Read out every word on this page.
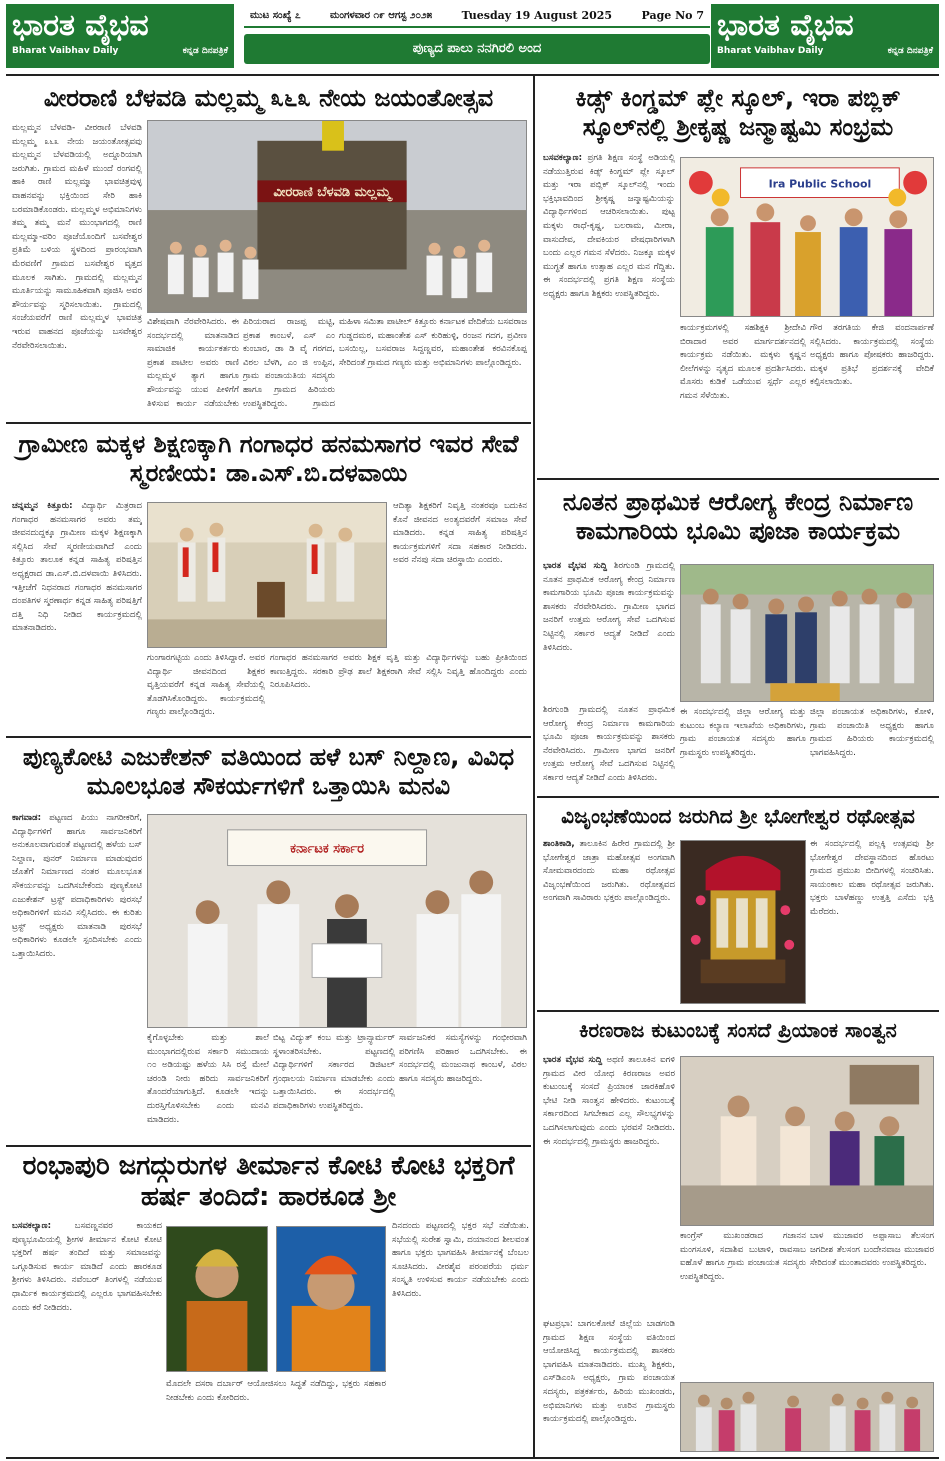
ಭಾರತ ವೈಭವ
Bharat Vaibhav Daily	ಕನ್ನಡ ದಿನಪತ್ರಿಕೆ
ಮುಟ ಸಂಖ್ಯೆ ೭	ಮಂಗಳವಾರ ೧೯ ಆಗಸ್ಟ ೨೦೨೫	Tuesday 19 August 2025	Page No 7
ಪುಣ್ಯದ ಪಾಲು ನನಗಿರಲಿ ಅಂದ
ಭಾರತ ವೈಭವ
Bharat Vaibhav Daily	ಕನ್ನಡ ದಿನಪತ್ರಿಕೆ
ವೀರರಾಣಿ ಬೆಳವಡಿ ಮಲ್ಲಮ್ಮ ೩೬೩ ನೇಯ ಜಯಂತೋತ್ಸವ
ಮಲ್ಲಮ್ಮನ ಬೆಳವಡಿ- ವೀರರಾಣಿ ಬೆಳವಡಿ ಮಲ್ಲಮ್ಮ ೩೬೩ ನೇಯ ಜಯಂತೋತ್ಸವವು ಮಲ್ಲಮ್ಮನ ಬೆಳವಡಿಯಲ್ಲಿ ಅದ್ದೂರಿಯಾಗಿ ಜರುಗಿತು. ಗ್ರಾಮದ ಮಹಿಳೆ ಮುಂದೆ ರಂಗವಲ್ಲಿ ಹಾಕಿ ರಾಣಿ ಮಲ್ಲಮ್ಮಾ ಭಾವಚಿತ್ರವುಳ್ಳ ವಾಹನವನ್ನು ಭಕ್ತಿಯಿಂದ ಸೇರಿ ಹಾಕಿ ಬರಮಾಡಿಕೊಂಡರು. ಮಲ್ಲಮ್ಮಳ ಅಭಿಮಾನಿಗಳು ತಮ್ಮ ತಮ್ಮ ಮನೆ ಮುಂಭಾಗದಲ್ಲಿ ರಾಣಿ ಮಲ್ಲಮ್ಮಾ-ವರಿಂ ಪೂಜೆಯೊಂದಿಗೆ ಬಸವೇಶ್ವರ ಪ್ರತಿಮೆ ಬಳಿಯ ಸ್ಥಳದಿಂದ ಪ್ರಾರಂಭವಾಗಿ ಮೆರವಣಿಗೆ ಗ್ರಾಮದ ಬಸವೇಶ್ವರ ವೃತ್ತದ ಮೂಲಕ ಸಾಗಿತು. ಗ್ರಾಮದಲ್ಲಿ ಮಲ್ಲಮ್ಮನ ಮೂರ್ತಿಯನ್ನು ಸಾಮೂಹಿಕವಾಗಿ ಪೂಜಿಸಿ ಅವರ ಶೌರ್ಯವನ್ನು ಸ್ಮರಿಸಲಾಯಿತು. ಗ್ರಾಮದಲ್ಲಿ ಸಂಜೆಯವರೆಗೆ ರಾಣಿ ಮಲ್ಲಮ್ಮಳ ಭಾವಚಿತ್ರ ಇರುವ ವಾಹನದ ಪೂಜೆಯನ್ನು ಬಸವೇಶ್ವರ ನೆರವೇರಿಸಲಾಯಿತು.
ವೀರರಾಣಿ ಬೆಳವಡಿ ಮಲ್ಲಮ್ಮ
ವಿಶೇಷವಾಗಿ ನೆರವೇರಿಸಿದರು. ಈ ಸಂದರ್ಭದಲ್ಲಿ ಮಾತನಾಡಿದ ಸಾಮಾಜಿಕ ಕಾರ್ಯಕರ್ತರು ಪ್ರಕಾಶ ಪಾಟೀಲ ಅವರು ರಾಣಿ ಮಲ್ಲಮ್ಮಳ ತ್ಯಾಗ ಹಾಗೂ ಶೌರ್ಯವನ್ನು ಯುವ ಪೀಳಿಗೆಗೆ ತಿಳಿಸುವ ಕಾರ್ಯ ನಡೆಯಬೇಕು
ಪಿರಿಯರಾದ ರಾಜಪ್ಪ ಮಟ್ಟಿ, ಪ್ರಕಾಶ ಕಾಂಬಳೆ, ಎಸ್ ಎಂ ಕುಂಬಾರ, ಡಾ ಡಿ ವೈ ಗರಗದ, ವಿಠಲ ಬೆಳಗಿ, ಎಂ ಜಿ ಉಪ್ಪಿನ, ಗ್ರಾಮ ಪಂಚಾಯತಿಯ ಸದಸ್ಯರು ಹಾಗೂ ಗ್ರಾಮದ ಹಿರಿಯರು ಉಪಸ್ಥಿತರಿದ್ದರು. ಗ್ರಾಮದ
ಮಹಿಳಾ ಸಮಿತಾ ಪಾಟೀಲ್ ಕಿತ್ತೂರು ಕರ್ನಾಟಕ ವೇದಿಕೆಯ ಬಸವರಾಜ ಗುಡ್ಡದಮಠ, ಮಹಾಂತೇಶ ಎಸ್ ಕುರಿಹುಳ್ಳಿ, ರಂಜನ ಗದಗ, ಪ್ರವೀಣ ಬಸಯಿಲ್ಲ, ಬಸವರಾಜ ಸಿದ್ದಣ್ಣವರ, ಮಹಾಂತೇಶ ಕರವಿನಕೊಪ್ಪ ಸೇರಿದಂತೆ ಗ್ರಾಮದ ಗಣ್ಯರು ಮತ್ತು ಅಭಿಮಾನಿಗಳು ಪಾಲ್ಗೊಂಡಿದ್ದರು.
ಗ್ರಾಮೀಣ ಮಕ್ಕಳ ಶಿಕ್ಷಣಕ್ಕಾಗಿ ಗಂಗಾಧರ ಹನಮಸಾಗರ ಇವರ ಸೇವೆ ಸ್ಮರಣೀಯ: ಡಾ.ಎಸ್.ಬಿ.ದಳವಾಯಿ
ಚನ್ನಮ್ಮನ ಕಿತ್ತೂರು: ವಿದ್ಯಾರ್ಥಿ ಮಿತ್ರರಾದ ಗಂಗಾಧರ ಹನಮಸಾಗರ ಅವರು ತಮ್ಮ ಜೀವನದುದ್ದಕ್ಕೂ ಗ್ರಾಮೀಣ ಮಕ್ಕಳ ಶಿಕ್ಷಣಕ್ಕಾಗಿ ಸಲ್ಲಿಸಿದ ಸೇವೆ ಸ್ಮರಣೀಯವಾಗಿದೆ ಎಂದು ಕಿತ್ತೂರು ತಾಲೂಕ ಕನ್ನಡ ಸಾಹಿತ್ಯ ಪರಿಷತ್ತಿನ ಅಧ್ಯಕ್ಷರಾದ ಡಾ.ಎಸ್.ಬಿ.ದಳವಾಯಿ ತಿಳಿಸಿದರು. ಇತ್ತೀಚೆಗೆ ನಿಧನರಾದ ಗಂಗಾಧರ ಹನಮಸಾಗರ ದಂಪತಿಗಳ ಸ್ಮರಣಾರ್ಥ ಕನ್ನಡ ಸಾಹಿತ್ಯ ಪರಿಷತ್ತಿಗೆ ದತ್ತಿ ನಿಧಿ ನೀಡಿದ ಕಾರ್ಯಕ್ರಮದಲ್ಲಿ ಮಾತನಾಡಿದರು.
ಆದಿತ್ಯಾ ಶಿಕ್ಷಕರಿಗೆ ನಿವೃತ್ತಿ ನಂತರವೂ ಬದುಕಿನ ಕೊನೆ ಜೀವನದ ಅಂತ್ಯದವರೆಗೆ ಸಮಾಜ ಸೇವೆ ಮಾಡಿದರು. ಕನ್ನಡ ಸಾಹಿತ್ಯ ಪರಿಷತ್ತಿನ ಕಾರ್ಯಕ್ರಮಗಳಿಗೆ ಸದಾ ಸಹಕಾರ ನೀಡಿದರು. ಅವರ ನೆನಪು ಸದಾ ಚಿರಸ್ಥಾಯಿ ಎಂದರು.
ಗುಂಗಾರಗಟ್ಟಿಯ ಎಂದು ತಿಳಿಸಿದ್ದಾರೆ. ಅವರ ವಿದ್ಯಾರ್ಥಿ ಜೀವನದಿಂದ ಶಿಕ್ಷಕರ ವೃತ್ತಿಯವರೆಗೆ ಕನ್ನಡ ಸಾಹಿತ್ಯ ಸೇವೆಯಲ್ಲಿ ತೊಡಗಿಸಿಕೊಂಡಿದ್ದರು. ಕಾರ್ಯಕ್ರಮದಲ್ಲಿ ಗಣ್ಯರು ಪಾಲ್ಗೊಂಡಿದ್ದರು.
ಗಂಗಾಧರ ಹನಮಸಾಗರ ಅವರು ಶಿಕ್ಷಕ ವೃತ್ತಿ ಮತ್ತು ವಿದ್ಯಾರ್ಥಿಗಳನ್ನು ಬಹು ಪ್ರೀತಿಯಿಂದ ಕಾಣುತ್ತಿದ್ದರು. ಸರಕಾರಿ ಪ್ರೌಢ ಶಾಲೆ ಶಿಕ್ಷಕರಾಗಿ ಸೇವೆ ಸಲ್ಲಿಸಿ ನಿವೃತ್ತಿ ಹೊಂದಿದ್ದರು ಎಂದು ನಿರೂಪಿಸಿದರು.
ಪುಣ್ಯಕೋಟಿ ಎಜುಕೇಶನ್ ವತಿಯಿಂದ ಹಳೆ ಬಸ್ ನಿಲ್ದಾಣ, ವಿವಿಧ ಮೂಲಭೂತ ಸೌಕರ್ಯಗಳಿಗೆ ಒತ್ತಾಯಿಸಿ ಮನವಿ
ಕಾಗವಾಡ: ಪಟ್ಟಣದ ಪಿಯು ನಾಗರೀಕರಿಗೆ, ವಿದ್ಯಾರ್ಥಿಗಳಿಗೆ ಹಾಗೂ ಸಾರ್ವಜನಿಕರಿಗೆ ಅನುಕೂಲವಾಗುವಂತೆ ಪಟ್ಟಣದಲ್ಲಿ ಹಳೆಯ ಬಸ್ ನಿಲ್ದಾಣ, ಪುನರ್ ನಿರ್ಮಾಣ ಮಾಡುವುದರ ಜೊತೆಗೆ ನಿರ್ಮಾಣದ ನಂತರ ಮೂಲಭೂತ ಸೌಕರ್ಯವನ್ನು ಒದಗಿಸಬೇಕೆಂದು ಪುಣ್ಯಕೋಟಿ ಎಜುಕೇಶನ್ ಟ್ರಸ್ಟ್ ಪದಾಧಿಕಾರಿಗಳು ಪುರಸಭೆ ಅಧಿಕಾರಿಗಳಿಗೆ ಮನವಿ ಸಲ್ಲಿಸಿದರು. ಈ ಕುರಿತು ಟ್ರಸ್ಟ್ ಅಧ್ಯಕ್ಷರು ಮಾತನಾಡಿ ಪುರಸಭೆ ಅಧಿಕಾರಿಗಳು ಕೂಡಲೇ ಸ್ಪಂದಿಸಬೇಕು ಎಂದು ಒತ್ತಾಯಿಸಿದರು.
ಕರ್ನಾಟಕ ಸರ್ಕಾರ
ಕೈಗೊಳ್ಳಬೇಕು ಮತ್ತು ಶಾಲೆ ಮುಂಭಾಗದಲ್ಲಿರುವ ಸರ್ಕಾರಿ ಸಮುದಾಯ ೧೦ ಅಡಿಯಷ್ಟು ಹಳೆಯ ಸಿಸಿ ರಸ್ತೆ ಮೇಲೆ ಚರಂಡಿ ನೀರು ಹರಿದು ಸಾರ್ವಜನಿಕರಿಗೆ ತೊಂದರೆಯಾಗುತ್ತಿದೆ. ಕೂಡಲೇ ಇದನ್ನು ದುರಸ್ತಿಗೊಳಿಸಬೇಕು ಎಂದು ಮನವಿ ಮಾಡಿದರು.
ಬಿಟ್ಟ ವಿದ್ಯುತ್ ಕಂಬ ಮತ್ತು ಟ್ರಾನ್ಸ್ಫಾರ್ಮರ್ ಸ್ಥಳಾಂತರಿಸಬೇಕು. ಪಟ್ಟಣದಲ್ಲಿ ವಿದ್ಯಾರ್ಥಿಗಳಿಗೆ ಸರ್ಕಾರದ ಡಿಜಿಟಲ್ ಗ್ರಂಥಾಲಯ ನಿರ್ಮಾಣ ಮಾಡಬೇಕು ಎಂದು ಒತ್ತಾಯಿಸಿದರು. ಈ ಸಂದರ್ಭದಲ್ಲಿ ಪದಾಧಿಕಾರಿಗಳು ಉಪಸ್ಥಿತರಿದ್ದರು.
ಸಾರ್ವಜನಿಕರ ಸಮಸ್ಯೆಗಳನ್ನು ಗಂಭೀರವಾಗಿ ಪರಿಗಣಿಸಿ ಪರಿಹಾರ ಒದಗಿಸಬೇಕು. ಈ ಸಂದರ್ಭದಲ್ಲಿ ಮಂಜುನಾಥ ಕಾಂಬಳೆ, ವಿಠಲ ಹಾಗೂ ಸದಸ್ಯರು ಹಾಜರಿದ್ದರು.
ರಂಭಾಪುರಿ ಜಗದ್ಗುರುಗಳ ತೀರ್ಮಾನ ಕೋಟಿ ಕೋಟಿ ಭಕ್ತರಿಗೆ ಹರ್ಷ ತಂದಿದೆ: ಹಾರಕೂಡ ಶ್ರೀ
ಬಸವಕಲ್ಯಾಣ:	ಬಸವಣ್ಣನವರ ಕಾಯಕದ ಪುಣ್ಯಭೂಮಿಯಲ್ಲಿ ಶ್ರೀಗಳ ತೀರ್ಮಾನ ಕೋಟಿ ಕೋಟಿ ಭಕ್ತರಿಗೆ ಹರ್ಷ ತಂದಿದೆ ಮತ್ತು ಸಮಾಜವನ್ನು ಒಗ್ಗೂಡಿಸುವ ಕಾರ್ಯ ಮಾಡಿದೆ ಎಂದು ಹಾರಕೂಡ ಶ್ರೀಗಳು ತಿಳಿಸಿದರು. ನವೆಂಬರ್ ತಿಂಗಳಲ್ಲಿ ನಡೆಯುವ ಧಾರ್ಮಿಕ ಕಾರ್ಯಕ್ರಮದಲ್ಲಿ ಎಲ್ಲರೂ ಭಾಗವಹಿಸಬೇಕು ಎಂದು ಕರೆ ನೀಡಿದರು.
ಮೊದಲೇ ದಸರಾ ದರ್ಬಾರ್ ಆಯೋಜಿಸಲು ಸಿದ್ಧತೆ ನಡೆದಿದ್ದು, ಭಕ್ತರು ಸಹಕಾರ ನೀಡಬೇಕು ಎಂದು ಕೋರಿದರು.
ದಿನದಂದು ಪಟ್ಟಣದಲ್ಲಿ ಭಕ್ತರ ಸಭೆ ನಡೆಯಿತು. ಸಭೆಯಲ್ಲಿ ಸುರೇಶ ಸ್ವಾಮಿ, ದಯಾನಂದ ಶೀಲವಂತ ಹಾಗೂ ಭಕ್ತರು ಭಾಗವಹಿಸಿ ತೀರ್ಮಾನಕ್ಕೆ ಬೆಂಬಲ ಸೂಚಿಸಿದರು. ವೀರಶೈವ ಪರಂಪರೆಯ ಧರ್ಮ ಸಂಸ್ಕೃತಿ ಉಳಿಸುವ ಕಾರ್ಯ ನಡೆಯಬೇಕು ಎಂದು ತಿಳಿಸಿದರು.
ಕಿಡ್ಸ್ ಕಿಂಗ್ಡಮ್ ಪ್ಲೇ ಸ್ಕೂಲ್, ಇರಾ ಪಬ್ಲಿಕ್ ಸ್ಕೂಲ್‌ನಲ್ಲಿ ಶ್ರೀಕೃಷ್ಣ ಜನ್ಮಾಷ್ಟಮಿ ಸಂಭ್ರಮ
ಬಸವಕಲ್ಯಾಣ: ಪ್ರಗತಿ ಶಿಕ್ಷಣ ಸಂಸ್ಥೆ ಅಡಿಯಲ್ಲಿ ನಡೆಯುತ್ತಿರುವ ಕಿಡ್ಸ್ ಕಿಂಗ್ಡಮ್ ಪ್ಲೇ ಸ್ಕೂಲ್ ಮತ್ತು ಇರಾ ಪಬ್ಲಿಕ್ ಸ್ಕೂಲ್‌ನಲ್ಲಿ ಇಂದು ಭಕ್ತಿಭಾವದಿಂದ ಶ್ರೀಕೃಷ್ಣ ಜನ್ಮಾಷ್ಟಮಿಯನ್ನು ವಿದ್ಯಾರ್ಥಿಗಳಿಂದ ಆಚರಿಸಲಾಯಿತು. ಪುಟ್ಟ ಮಕ್ಕಳು ರಾಧೆ-ಕೃಷ್ಣ, ಬಲರಾಮ, ಮೀರಾ, ವಾಸುದೇವ, ದೇವಕಿಯರ ವೇಷಧಾರಿಗಳಾಗಿ ಬಂದು ಎಲ್ಲರ ಗಮನ ಸೆಳೆದರು. ನಿಜಕ್ಕೂ ಮಕ್ಕಳ ಮುಗ್ಧತೆ ಹಾಗೂ ಉತ್ಸಾಹ ಎಲ್ಲರ ಮನ ಗೆದ್ದಿತು. ಈ ಸಂದರ್ಭದಲ್ಲಿ ಪ್ರಗತಿ ಶಿಕ್ಷಣ ಸಂಸ್ಥೆಯ ಅಧ್ಯಕ್ಷರು ಹಾಗೂ ಶಿಕ್ಷಕರು ಉಪಸ್ಥಿತರಿದ್ದರು.
Ira Public School
ಕಾರ್ಯಕ್ರಮಗಳಲ್ಲಿ ಸಹಶಿಕ್ಷಕಿ ಶ್ರೀದೇವಿ ಬಿರಾದಾರ ಅವರ ಮಾರ್ಗದರ್ಶನದಲ್ಲಿ ಕಾರ್ಯಕ್ರಮ ನಡೆಯಿತು. ಮಕ್ಕಳು ಕೃಷ್ಣನ ಲೀಲೆಗಳನ್ನು ನೃತ್ಯದ ಮೂಲಕ ಪ್ರದರ್ಶಿಸಿದರು. ಮೊಸರು ಕುಡಿಕೆ ಒಡೆಯುವ ಸ್ಪರ್ಧೆ ಎಲ್ಲರ ಗಮನ ಸೆಳೆಯಿತು.
ಗೌರ ತರಗತಿಯ ಕೇಜಿ ವಂದನಾರ್ಪಣೆ ಸಲ್ಲಿಸಿದರು. ಕಾರ್ಯಕ್ರಮದಲ್ಲಿ ಸಂಸ್ಥೆಯ ಅಧ್ಯಕ್ಷರು ಹಾಗೂ ಪೋಷಕರು ಹಾಜರಿದ್ದರು. ಮಕ್ಕಳ ಪ್ರತಿಭೆ ಪ್ರದರ್ಶನಕ್ಕೆ ವೇದಿಕೆ ಕಲ್ಪಿಸಲಾಯಿತು.
ನೂತನ ಪ್ರಾಥಮಿಕ ಆರೋಗ್ಯ ಕೇಂದ್ರ ನಿರ್ಮಾಣ ಕಾಮಗಾರಿಯ ಭೂಮಿ ಪೂಜಾ ಕಾರ್ಯಕ್ರಮ
ಭಾರತ ವೈಭವ ಸುದ್ದಿ ಶಿರಗುಂಡಿ ಗ್ರಾಮದಲ್ಲಿ ನೂತನ ಪ್ರಾಥಮಿಕ ಆರೋಗ್ಯ ಕೇಂದ್ರ ನಿರ್ಮಾಣ ಕಾಮಗಾರಿಯ ಭೂಮಿ ಪೂಜಾ ಕಾರ್ಯಕ್ರಮವನ್ನು ಶಾಸಕರು ನೆರವೇರಿಸಿದರು. ಗ್ರಾಮೀಣ ಭಾಗದ ಜನರಿಗೆ ಉತ್ತಮ ಆರೋಗ್ಯ ಸೇವೆ ಒದಗಿಸುವ ನಿಟ್ಟಿನಲ್ಲಿ ಸರ್ಕಾರ ಆದ್ಯತೆ ನೀಡಿದೆ ಎಂದು ತಿಳಿಸಿದರು.
ಈ ಸಂದರ್ಭದಲ್ಲಿ ಜಿಲ್ಲಾ ಆರೋಗ್ಯ ಮತ್ತು ಕುಟುಂಬ ಕಲ್ಯಾಣ ಇಲಾಖೆಯ ಅಧಿಕಾರಿಗಳು, ಗ್ರಾಮ ಪಂಚಾಯತ ಸದಸ್ಯರು ಹಾಗೂ ಗ್ರಾಮಸ್ಥರು ಉಪಸ್ಥಿತರಿದ್ದರು.
ಜಿಲ್ಲಾ ಪಂಚಾಯತ ಅಧಿಕಾರಿಗಳು, ಕೋಳಿ, ಗ್ರಾಮ ಪಂಚಾಯಿತಿ ಅಧ್ಯಕ್ಷರು ಹಾಗೂ ಗ್ರಾಮದ ಹಿರಿಯರು ಕಾರ್ಯಕ್ರಮದಲ್ಲಿ ಭಾಗವಹಿಸಿದ್ದರು.
ಶಿರಗುಂಡಿ ಗ್ರಾಮದಲ್ಲಿ ನೂತನ ಪ್ರಾಥಮಿಕ ಆರೋಗ್ಯ ಕೇಂದ್ರ ನಿರ್ಮಾಣ ಕಾಮಗಾರಿಯ ಭೂಮಿ ಪೂಜಾ ಕಾರ್ಯಕ್ರಮವನ್ನು ಶಾಸಕರು ನೆರವೇರಿಸಿದರು. ಗ್ರಾಮೀಣ ಭಾಗದ ಜನರಿಗೆ ಉತ್ತಮ ಆರೋಗ್ಯ ಸೇವೆ ಒದಗಿಸುವ ನಿಟ್ಟಿನಲ್ಲಿ ಸರ್ಕಾರ ಆದ್ಯತೆ ನೀಡಿದೆ ಎಂದು ತಿಳಿಸಿದರು.
ವಿಜೃಂಭಣೆಯಿಂದ ಜರುಗಿದ ಶ್ರೀ ಭೋಗೇಶ್ವರ ರಥೋತ್ಸವ
ಶಾಂತಿಕಾಡಿ, ತಾಲೂಕಿನ ಹಿರೇರ ಗ್ರಾಮದಲ್ಲಿ ಶ್ರೀ ಭೋಗೇಶ್ವರ ಜಾತ್ರಾ ಮಹೋತ್ಸವ ಅಂಗವಾಗಿ ಸೋಮವಾರದಂದು ಮಹಾ ರಥೋತ್ಸವ ವಿಜೃಂಭಣೆಯಿಂದ ಜರುಗಿತು. ರಥೋತ್ಸವದ ಅಂಗವಾಗಿ ಸಾವಿರಾರು ಭಕ್ತರು ಪಾಲ್ಗೊಂಡಿದ್ದರು.
ಈ ಸಂದರ್ಭದಲ್ಲಿ ಪಲ್ಲಕ್ಕಿ ಉತ್ಸವವು ಶ್ರೀ ಭೋಗೇಶ್ವರ ದೇವಸ್ಥಾನದಿಂದ ಹೊರಟು ಗ್ರಾಮದ ಪ್ರಮುಖ ಬೀದಿಗಳಲ್ಲಿ ಸಂಚರಿಸಿತು. ಸಾಯಂಕಾಲ ಮಹಾ ರಥೋತ್ಸವ ಜರುಗಿತು. ಭಕ್ತರು ಬಾಳೆಹಣ್ಣು ಉತ್ತತ್ತಿ ಎಸೆದು ಭಕ್ತಿ ಮೆರೆದರು.
ಕಿರಣರಾಜ ಕುಟುಂಬಕ್ಕೆ ಸಂಸದೆ ಪ್ರಿಯಾಂಕ ಸಾಂತ್ವನ
ಭಾರತ ವೈಭವ ಸುದ್ದಿ ಅಥಣಿ ತಾಲೂಕಿನ ಐಗಳಿ ಗ್ರಾಮದ ವೀರ ಯೋಧ ಕಿರಣರಾಜ ಅವರ ಕುಟುಂಬಕ್ಕೆ ಸಂಸದೆ ಪ್ರಿಯಾಂಕ ಜಾರಕಿಹೊಳಿ ಭೇಟಿ ನೀಡಿ ಸಾಂತ್ವನ ಹೇಳಿದರು. ಕುಟುಂಬಕ್ಕೆ ಸರ್ಕಾರದಿಂದ ಸಿಗಬೇಕಾದ ಎಲ್ಲ ಸೌಲಭ್ಯಗಳನ್ನು ಒದಗಿಸಲಾಗುವುದು ಎಂದು ಭರವಸೆ ನೀಡಿದರು. ಈ ಸಂದರ್ಭದಲ್ಲಿ ಗ್ರಾಮಸ್ಥರು ಹಾಜರಿದ್ದರು.
ಕಾಂಗ್ರೆಸ್ ಮುಖಂಡರಾದ ಗಜಾನನ ಮಂಗಸೂಳಿ, ಸದಾಶಿವ ಬುಟಾಳಿ, ರಾವಸಾಬ ಐಹೊಳೆ ಹಾಗೂ ಗ್ರಾಮ ಪಂಚಾಯತ ಸದಸ್ಯರು ಉಪಸ್ಥಿತರಿದ್ದರು.
ಬಾಳ ಮುಜಾವರ ಅಪ್ಪಾಸಾಬ ತೆಲಸಂಗ ಜಗದೀಶ ತೆಲಸಂಗ ಬಂದೇನವಾಜ ಮುಜಾವರ ಸೇರಿದಂತೆ ಮುಂತಾದವರು ಉಪಸ್ಥಿತರಿದ್ದರು.
ಘಟಪ್ರಭಾ: ಬಾಗಲಕೋಟೆ ಜಿಲ್ಲೆಯ ಬಾಡಗಂಡಿ ಗ್ರಾಮದ ಶಿಕ್ಷಣ ಸಂಸ್ಥೆಯ ವತಿಯಿಂದ ಆಯೋಜಿಸಿದ್ದ ಕಾರ್ಯಕ್ರಮದಲ್ಲಿ ಶಾಸಕರು ಭಾಗವಹಿಸಿ ಮಾತನಾಡಿದರು. ಮುಖ್ಯ ಶಿಕ್ಷಕರು, ಎಸ್‌ಡಿಎಂಸಿ ಅಧ್ಯಕ್ಷರು, ಗ್ರಾಮ ಪಂಚಾಯತ ಸದಸ್ಯರು, ಪತ್ರಕರ್ತರು, ಹಿರಿಯ ಮುಖಂಡರು, ಅಭಿಮಾನಿಗಳು ಮತ್ತು ಊರಿನ ಗ್ರಾಮಸ್ಥರು ಕಾರ್ಯಕ್ರಮದಲ್ಲಿ ಪಾಲ್ಗೊಂಡಿದ್ದರು.
